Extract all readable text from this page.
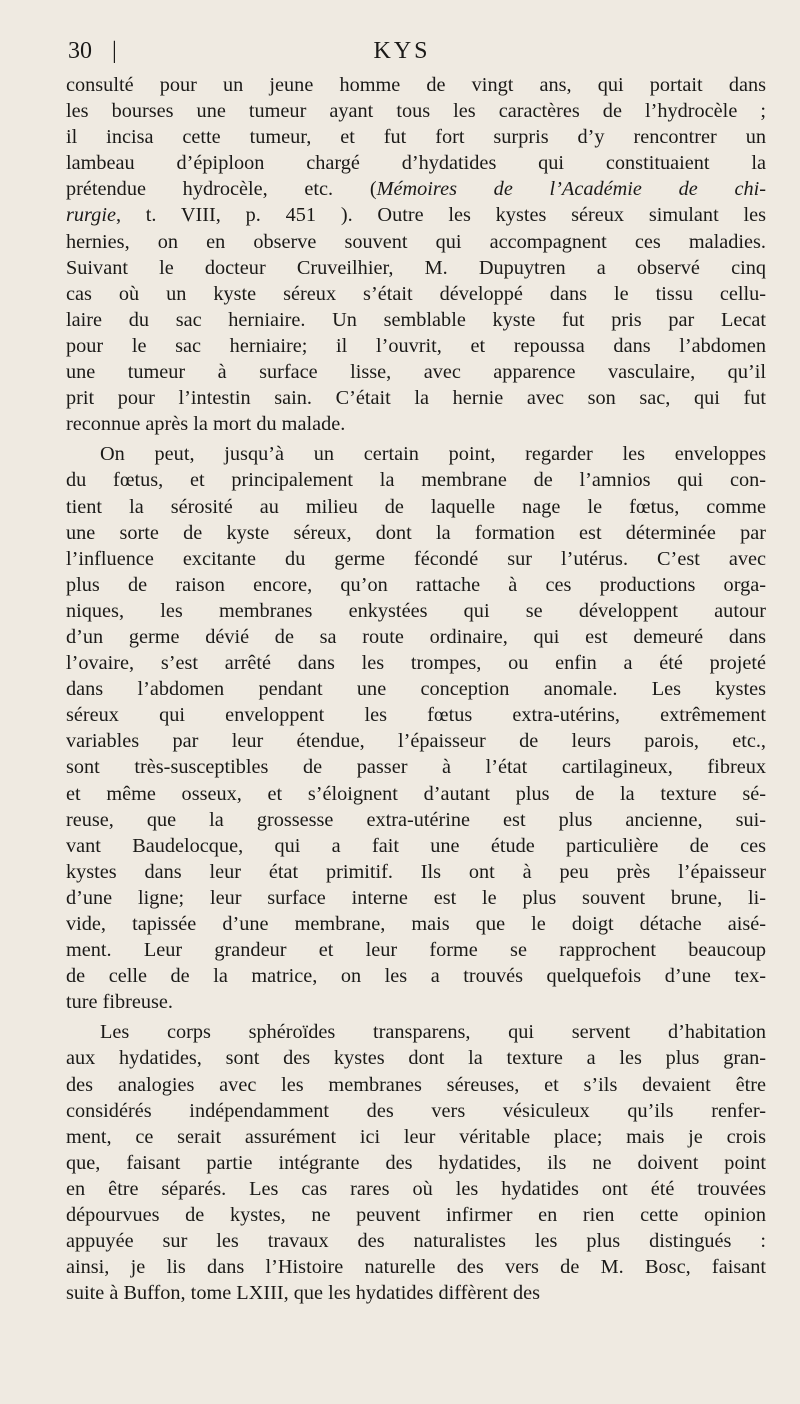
30 |	KYS
consulté pour un jeune homme de vingt ans, qui portait dans
les bourses une tumeur ayant tous les caractères de l’hydrocèle ;
il incisa cette tumeur, et fut fort surpris d’y rencontrer un
lambeau d’épiploon chargé d’hydatides qui constituaient la
prétendue hydrocèle, etc. (Mémoires de l’Académie de chi-
rurgie, t. VIII, p. 451 ). Outre les kystes séreux simulant les
hernies, on en observe souvent qui accompagnent ces maladies.
Suivant le docteur Cruveilhier, M. Dupuytren a observé cinq
cas où un kyste séreux s’était développé dans le tissu cellu-
laire du sac herniaire. Un semblable kyste fut pris par Lecat
pour le sac herniaire; il l’ouvrit, et repoussa dans l’abdomen
une tumeur à surface lisse, avec apparence vasculaire, qu’il
prit pour l’intestin sain. C’était la hernie avec son sac, qui fut
reconnue après la mort du malade.
On peut, jusqu’à un certain point, regarder les enveloppes
du fœtus, et principalement la membrane de l’amnios qui con-
tient la sérosité au milieu de laquelle nage le fœtus, comme
une sorte de kyste séreux, dont la formation est déterminée par
l’influence excitante du germe fécondé sur l’utérus. C’est avec
plus de raison encore, qu’on rattache à ces productions orga-
niques, les membranes enkystées qui se développent autour
d’un germe dévié de sa route ordinaire, qui est demeuré dans
l’ovaire, s’est arrêté dans les trompes, ou enfin a été projeté
dans l’abdomen pendant une conception anomale. Les kystes
séreux qui enveloppent les fœtus extra-utérins, extrêmement
variables par leur étendue, l’épaisseur de leurs parois, etc.,
sont très-susceptibles de passer à l’état cartilagineux, fibreux
et même osseux, et s’éloignent d’autant plus de la texture sé-
reuse, que la grossesse extra-utérine est plus ancienne, sui-
vant Baudelocque, qui a fait une étude particulière de ces
kystes dans leur état primitif. Ils ont à peu près l’épaisseur
d’une ligne; leur surface interne est le plus souvent brune, li-
vide, tapissée d’une membrane, mais que le doigt détache aisé-
ment. Leur grandeur et leur forme se rapprochent beaucoup
de celle de la matrice, on les a trouvés quelquefois d’une tex-
ture fibreuse.
Les corps sphéroïdes transparens, qui servent d’habitation
aux hydatides, sont des kystes dont la texture a les plus gran-
des analogies avec les membranes séreuses, et s’ils devaient être
considérés indépendamment des vers vésiculeux qu’ils renfer-
ment, ce serait assurément ici leur véritable place; mais je crois
que, faisant partie intégrante des hydatides, ils ne doivent point
en être séparés. Les cas rares où les hydatides ont été trouvées
dépourvues de kystes, ne peuvent infirmer en rien cette opinion
appuyée sur les travaux des naturalistes les plus distingués :
ainsi, je lis dans l’Histoire naturelle des vers de M. Bosc, faisant
suite à Buffon, tome LXIII, que les hydatides diffèrent des
